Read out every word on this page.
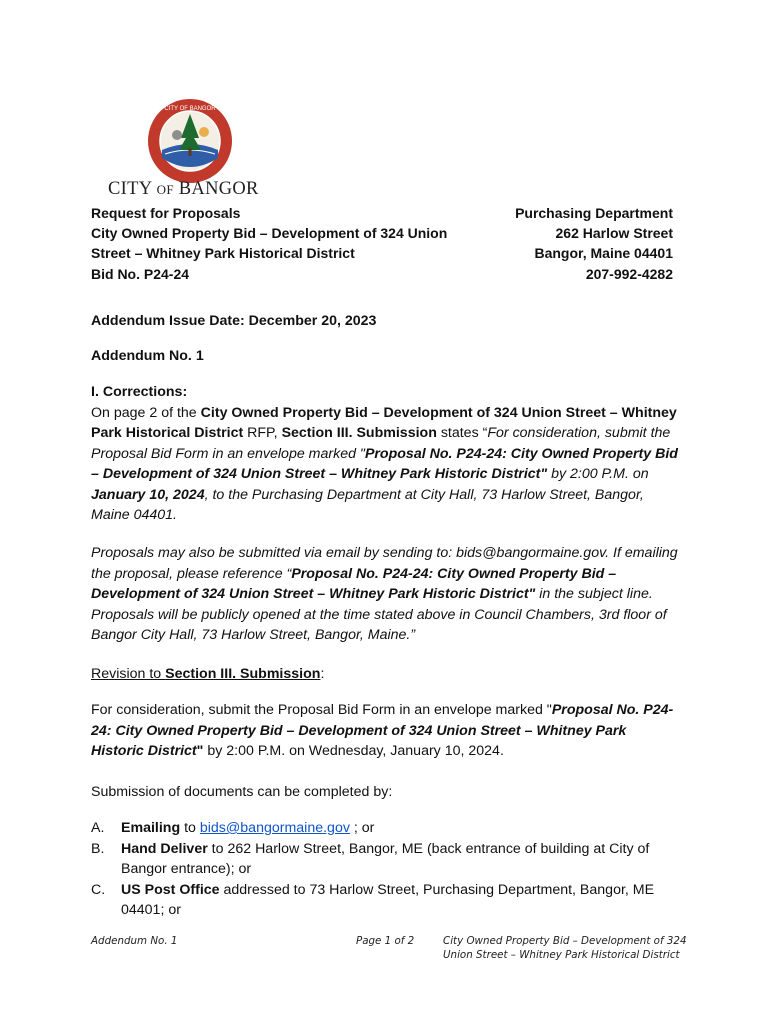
CITY OF BANGOR
CITY OF BANGOR
Request for Proposals
City Owned Property Bid – Development of 324 Union
Street – Whitney Park Historical District
Bid No. P24-24
Purchasing Department
262 Harlow Street
Bangor, Maine 04401
207-992-4282
Addendum Issue Date: December 20, 2023
Addendum No. 1
I. Corrections:
On page 2 of the City Owned Property Bid – Development of 324 Union Street – Whitney Park Historical District RFP, Section III. Submission states “For consideration, submit the Proposal Bid Form in an envelope marked "Proposal No. P24-24: City Owned Property Bid – Development of 324 Union Street – Whitney Park Historic District" by 2:00 P.M. on January 10, 2024, to the Purchasing Department at City Hall, 73 Harlow Street, Bangor, Maine 04401.
Proposals may also be submitted via email by sending to: bids@bangormaine.gov. If emailing the proposal, please reference “Proposal No. P24-24: City Owned Property Bid – Development of 324 Union Street – Whitney Park Historic District" in the subject line. Proposals will be publicly opened at the time stated above in Council Chambers, 3rd floor of Bangor City Hall, 73 Harlow Street, Bangor, Maine.”
Revision to Section III. Submission:
For consideration, submit the Proposal Bid Form in an envelope marked "Proposal No. P24-24: City Owned Property Bid – Development of 324 Union Street – Whitney Park Historic District" by 2:00 P.M. on Wednesday, January 10, 2024.
Submission of documents can be completed by:
A.	Emailing to bids@bangormaine.gov ; or
B.	Hand Deliver to 262 Harlow Street, Bangor, ME (back entrance of building at City of Bangor entrance); or
C.	US Post Office addressed to 73 Harlow Street, Purchasing Department, Bangor, ME 04401; or
Addendum No. 1	Page 1 of 2	City Owned Property Bid – Development of 324 Union Street – Whitney Park Historical District
